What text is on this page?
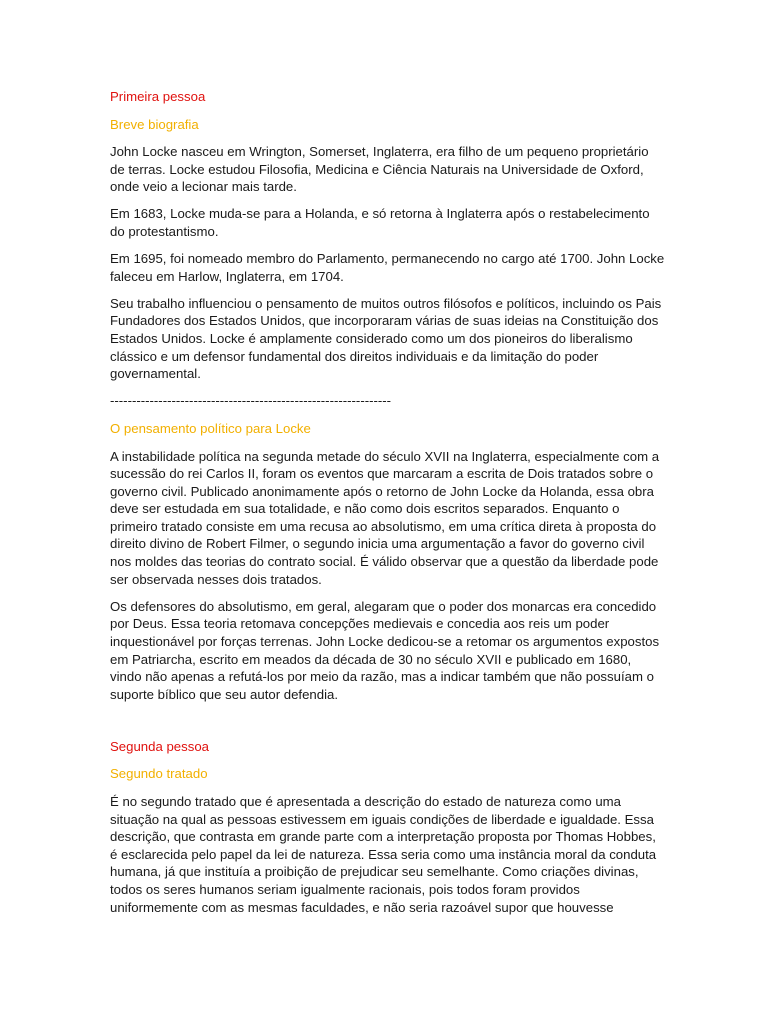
Primeira pessoa
Breve biografia

John Locke nasceu em Wrington, Somerset, Inglaterra, era filho de um pequeno proprietário de terras. Locke estudou Filosofia, Medicina e Ciência Naturais na Universidade de Oxford, onde veio a lecionar mais tarde.

Em 1683, Locke muda-se para a Holanda, e só retorna à Inglaterra após o restabelecimento do protestantismo.

Em 1695, foi nomeado membro do Parlamento, permanecendo no cargo até 1700. John Locke faleceu em Harlow, Inglaterra, em 1704.

Seu trabalho influenciou o pensamento de muitos outros filósofos e políticos, incluindo os Pais Fundadores dos Estados Unidos, que incorporaram várias de suas ideias na Constituição dos Estados Unidos. Locke é amplamente considerado como um dos pioneiros do liberalismo clássico e um defensor fundamental dos direitos individuais e da limitação do poder governamental.

----------------------------------------------------------------
O pensamento político para Locke

A instabilidade política na segunda metade do século XVII na Inglaterra, especialmente com a sucessão do rei Carlos II, foram os eventos que marcaram a escrita de Dois tratados sobre o governo civil. Publicado anonimamente após o retorno de John Locke da Holanda, essa obra deve ser estudada em sua totalidade, e não como dois escritos separados. Enquanto o primeiro tratado consiste em uma recusa ao absolutismo, em uma crítica direta à proposta do direito divino de Robert Filmer, o segundo inicia uma argumentação a favor do governo civil nos moldes das teorias do contrato social. É válido observar que a questão da liberdade pode ser observada nesses dois tratados.

Os defensores do absolutismo, em geral, alegaram que o poder dos monarcas era concedido por Deus. Essa teoria retomava concepções medievais e concedia aos reis um poder inquestionável por forças terrenas. John Locke dedicou-se a retomar os argumentos expostos em Patriarcha, escrito em meados da década de 30 no século XVII e publicado em 1680, vindo não apenas a refutá-los por meio da razão, mas a indicar também que não possuíam o suporte bíblico que seu autor defendia.

Segunda pessoa
Segundo tratado

É no segundo tratado que é apresentada a descrição do estado de natureza como uma situação na qual as pessoas estivessem em iguais condições de liberdade e igualdade. Essa descrição, que contrasta em grande parte com a interpretação proposta por Thomas Hobbes, é esclarecida pelo papel da lei de natureza. Essa seria como uma instância moral da conduta humana, já que instituía a proibição de prejudicar seu semelhante. Como criações divinas, todos os seres humanos seriam igualmente racionais, pois todos foram providos uniformemente com as mesmas faculdades, e não seria razoável supor que houvesse
